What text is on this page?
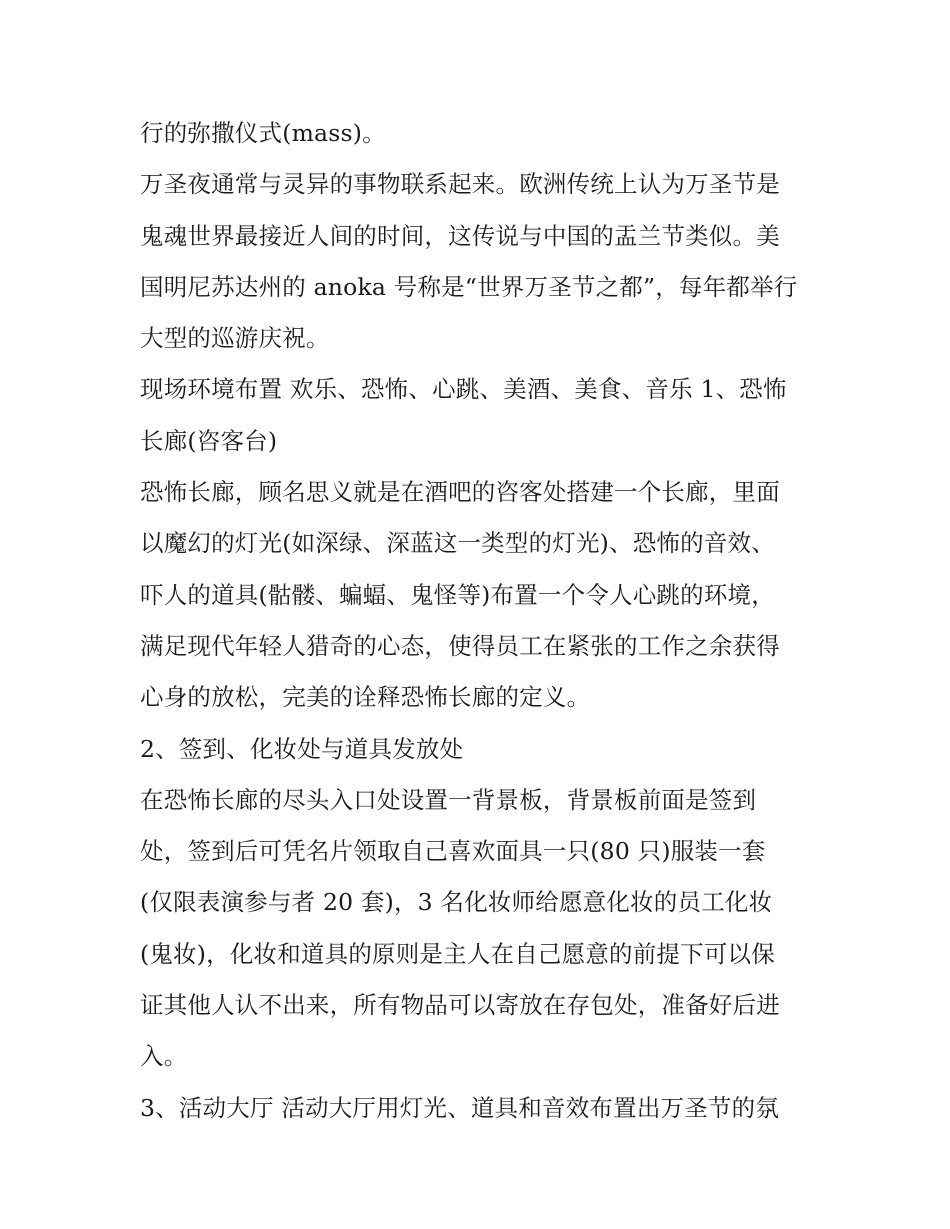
行的弥撒仪式(mass)。
万圣夜通常与灵异的事物联系起来。欧洲传统上认为万圣节是
鬼魂世界最接近人间的时间，这传说与中国的盂兰节类似。美
国明尼苏达州的 anoka 号称是“世界万圣节之都”，每年都举行
大型的巡游庆祝。
现场环境布置 欢乐、恐怖、心跳、美酒、美食、音乐 1、恐怖
长廊(咨客台)
恐怖长廊，顾名思义就是在酒吧的咨客处搭建一个长廊，里面
以魔幻的灯光(如深绿、深蓝这一类型的灯光)、恐怖的音效、
吓人的道具(骷髅、蝙蝠、鬼怪等)布置一个令人心跳的环境，
满足现代年轻人猎奇的心态，使得员工在紧张的工作之余获得
心身的放松，完美的诠释恐怖长廊的定义。
2、签到、化妆处与道具发放处
在恐怖长廊的尽头入口处设置一背景板，背景板前面是签到
处，签到后可凭名片领取自己喜欢面具一只(80 只)服装一套
(仅限表演参与者 20 套)，3 名化妆师给愿意化妆的员工化妆
(鬼妆)，化妆和道具的原则是主人在自己愿意的前提下可以保
证其他人认不出来，所有物品可以寄放在存包处，准备好后进
入。
3、活动大厅 活动大厅用灯光、道具和音效布置出万圣节的氛
